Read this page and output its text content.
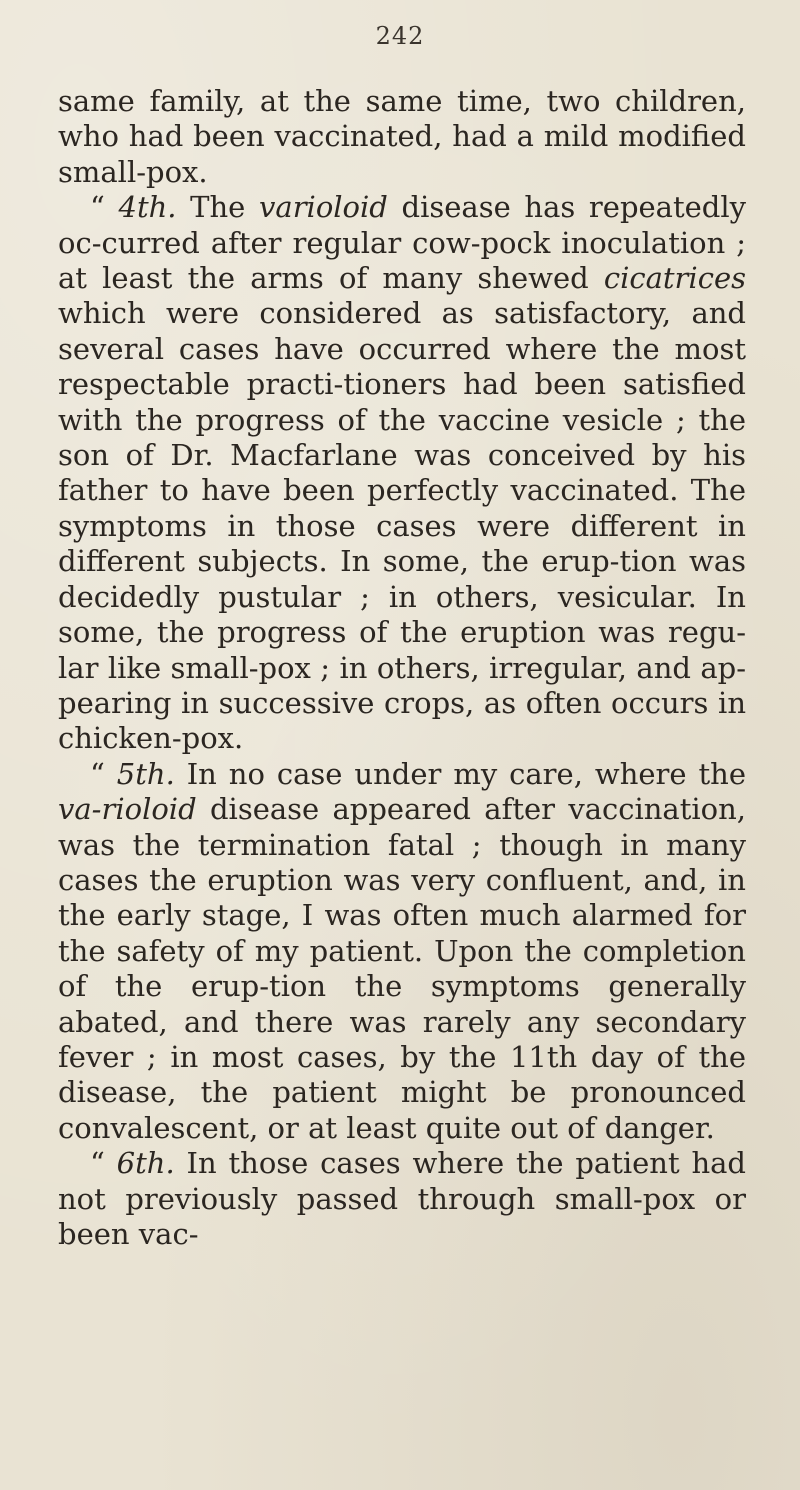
242

same family, at the same time, two children, who had been vaccinated, had a mild modified small-pox.

“ 4th. The varioloid disease has repeatedly oc-curred after regular cow-pock inoculation ; at least the arms of many shewed cicatrices which were considered as satisfactory, and several cases have occurred where the most respectable practi-tioners had been satisfied with the progress of the vaccine vesicle ; the son of Dr. Macfarlane was conceived by his father to have been perfectly vaccinated. The symptoms in those cases were different in different subjects. In some, the erup-tion was decidedly pustular ; in others, vesicular. In some, the progress of the eruption was regu-lar like small-pox ; in others, irregular, and ap-pearing in successive crops, as often occurs in chicken-pox.

“ 5th. In no case under my care, where the va-rioloid disease appeared after vaccination, was the termination fatal ; though in many cases the eruption was very confluent, and, in the early stage, I was often much alarmed for the safety of my patient. Upon the completion of the erup-tion the symptoms generally abated, and there was rarely any secondary fever ; in most cases, by the 11th day of the disease, the patient might be pronounced convalescent, or at least quite out of danger.

“ 6th. In those cases where the patient had not previously passed through small-pox or been vac-
